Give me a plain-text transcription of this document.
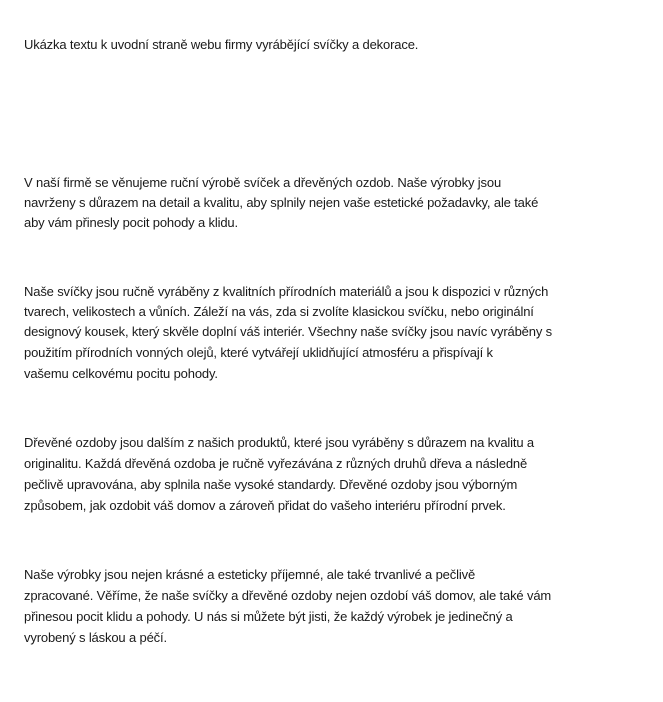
Ukázka textu k uvodní straně webu firmy vyrábějící svíčky a dekorace.
V naší firmě se věnujeme ruční výrobě svíček a dřevěných ozdob. Naše výrobky jsou
navrženy s důrazem na detail a kvalitu, aby splnily nejen vaše estetické požadavky, ale také
aby vám přinesly pocit pohody a klidu.
Naše svíčky jsou ručně vyráběny z kvalitních přírodních materiálů a jsou k dispozici v různých
tvarech, velikostech a vůních. Záleží na vás, zda si zvolíte klasickou svíčku, nebo originální
designový kousek, který skvěle doplní váš interiér. Všechny naše svíčky jsou navíc vyráběny s
použitím přírodních vonných olejů, které vytvářejí uklidňující atmosféru a přispívají k
vašemu celkovému pocitu pohody.
Dřevěné ozdoby jsou dalším z našich produktů, které jsou vyráběny s důrazem na kvalitu a
originalitu. Každá dřevěná ozdoba je ručně vyřezávána z různých druhů dřeva a následně
pečlivě upravována, aby splnila naše vysoké standardy. Dřevěné ozdoby jsou výborným
způsobem, jak ozdobit váš domov a zároveň přidat do vašeho interiéru přírodní prvek.
Naše výrobky jsou nejen krásné a esteticky příjemné, ale také trvanlivé a pečlivě
zpracované. Věříme, že naše svíčky a dřevěné ozdoby nejen ozdobí váš domov, ale také vám
přinesou pocit klidu a pohody. U nás si můžete být jisti, že každý výrobek je jedinečný a
vyrobený s láskou a péčí.
